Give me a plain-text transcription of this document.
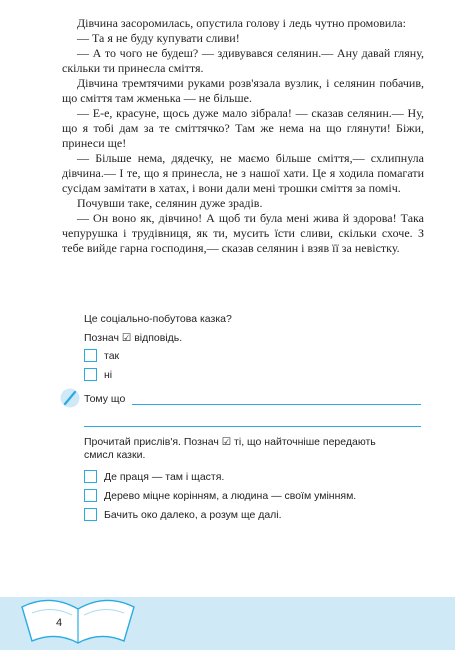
Дівчина засоромилась, опустила голову і ледь чутно промовила:

— Та я не буду купувати сливи!

— А то чого не будеш? — здивувався селянин.— Ану давай гляну, скільки ти принесла сміття.

Дівчина тремтячими руками розв'язала вузлик, і селянин побачив, що сміття там жменька — не більше.

— Е-е, красуне, щось дуже мало зібрала! — сказав селянин.— Ну, що я тобі дам за те сміттячко? Там же нема на що глянути! Біжи, принеси ще!

— Більше нема, дядечку, не маємо більше сміття,— схлипнула дівчина.— І те, що я принесла, не з нашої хати. Це я ходила помагати сусідам замітати в хатах, і вони дали мені трошки сміття за поміч.

Почувши таке, селянин дуже зрадів.

— Он воно як, дівчино! А щоб ти була мені жива й здорова! Така чепурушка і трудівниця, як ти, мусить їсти сливи, скільки схоче. З тебе вийде гарна господиня,— сказав селянин і взяв її за невістку.

Це соціально-побутова казка?
Познач ☑ відповідь.
так
ні
Тому що
Прочитай прислів'я. Познач ☑ ті, що найточніше передають
смисл казки.
Де праця — там і щастя.
Дерево міцне корінням, а людина — своїм умінням.
Бачить око далеко, а розум ще далі.
4
